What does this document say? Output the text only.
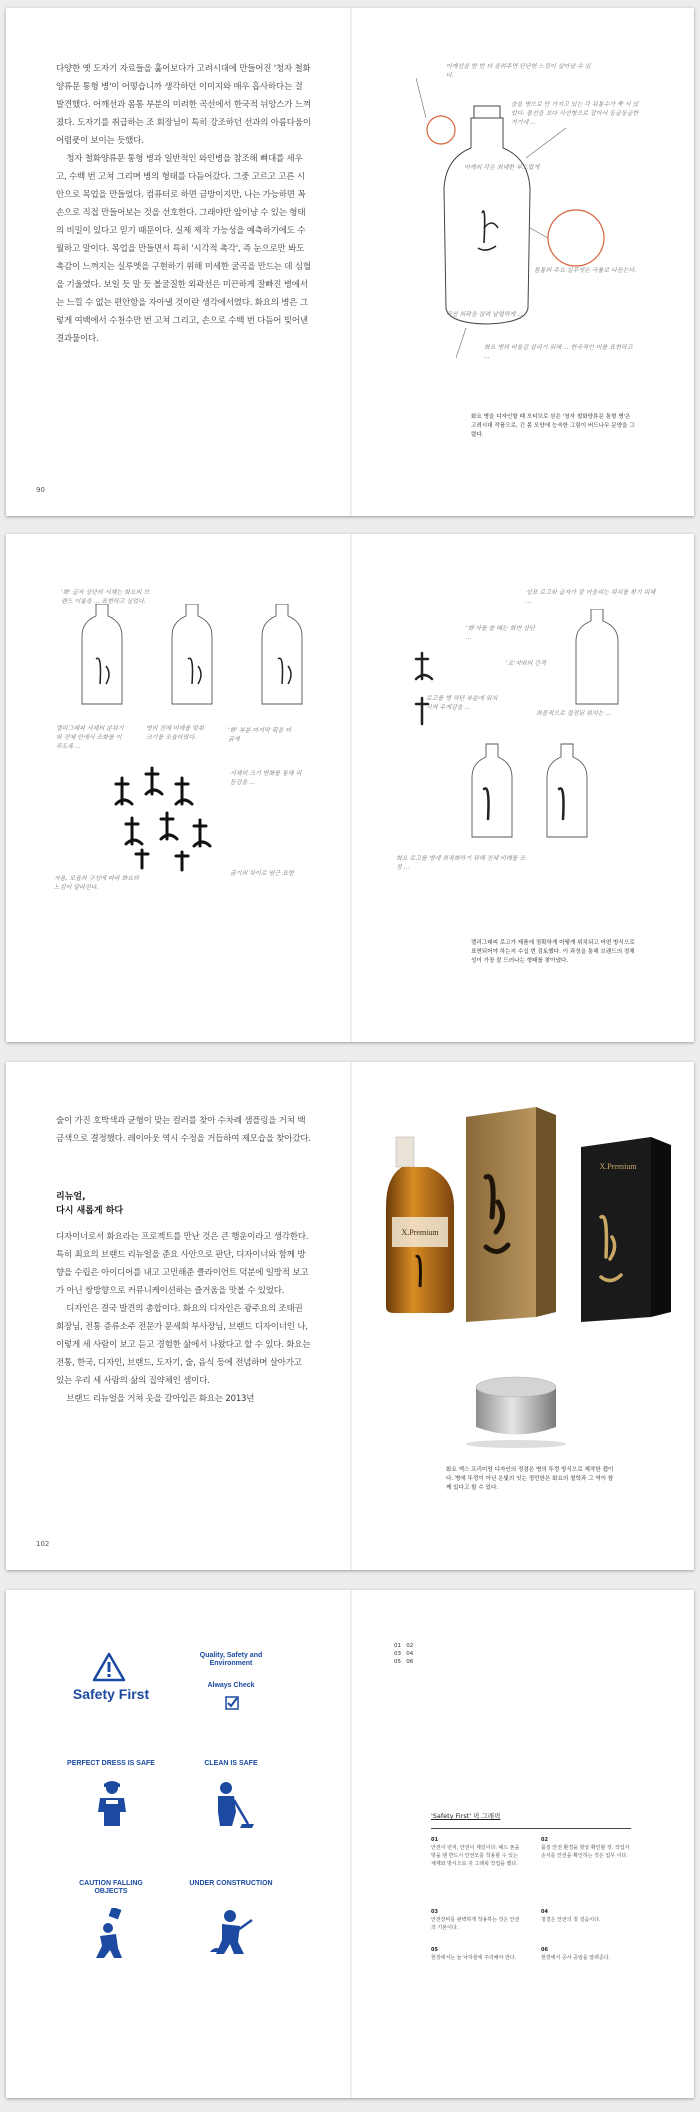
다양한 옛 도자기 자료들을 훑어보다가 고려시대에 만들어진 '청자 철화양류문 통형 병'이 어떻습니까 생각하던 이미지와 매우 흡사하다는 걸 발견했다. 어깨선과 몸통 부분의 미려한 곡선에서 한국적 뉘앙스가 느껴졌다. 도자기를 취급하는 조 회장님이 특히 강조하던 선과의 아름다움이 어렴풋이 보이는 듯했다.

청자 철화양류문 통형 병과 일반적인 와인병을 참조해 뼈대를 세우고, 수백 번 고쳐 그리며 병의 형태를 다듬어갔다. 그중 고르고 고른 시안으로 목업을 만들었다. 컴퓨터로 하면 금방이지만, 나는 가능하면 꼭 손으로 직접 만들어보는 것을 선호한다. 그래야만 앞이냥 수 있는 형태의 비밀이 있다고 믿기 때문이다. 실제 제작 가능성을 예측하기에도 수월하고 말이다. 목업을 만들면서 특히 '시각적 촉각', 즉 눈으로만 봐도 촉감이 느껴지는 실루엣을 구현하기 위해 미세한 굴곡을 만드는 데 심혈을 기울였다. 보일 듯 말 듯 볼굴질한 외곽선은 미끈하게 잘빠진 병에서는 느낄 수 없는 편안함을 자아낼 것이란 생각에서였다. 화요의 병은 그렇게 여백에서 수천수만 번 고쳐 그리고, 손으로 수백 번 다듬어 빚어낸 결과물이다.

90
어깨선을 한 번 더 올려주면 단단한 느낌이 살아날 수 있다.
술을 병으로 안 가지고 있는 각 뒤통수가 쭉 서 있었다. 몸선을 보다 사선형으로 잡아서 동글동글한 거기에 ...
어깨의 각은 최대한 부드럽게
몸통의 주요 실루엣은 곡률로 다듬는다.
곡선 외곽을 살려 날렵하게 ...
화요 병의 비율감 살리기 위해 ... 한국적인 미를 표현하고 ...
화요 병을 디자인할 때 모티브로 삼은 '청자 철화양류문 통형 병'은 고려시대 작품으로, 긴 몸 모양에 능숙한 그림이 버드나무 문양을 그렸다.
'화' 글자 상단의 서체는 화요의 브랜드 이름을 ... 표현하고 싶었다.
캘리그래피 서체의 분위기와 전체 안에서 조화를 이루도록 ...
병의 전체 비례를 맞춰 크기를 조율하였다.
'화' 부분 마지막 획을 더 굵게
서체의 크기 변화를 통해 리듬감을 ...
자음, 모음의 구성에 따라 화요의 느낌이 달라진다.
굵기의 차이로 원근 표현
상표 로고와 글자가 잘 어울리는 위치를 찾기 위해 ...
'화'자를 쓸 때는 화면 상단 ...
'요'자와의 간격
로고를 병 하단 부분에 위치시켜 무게감을 ...
최종적으로 결정된 위치는 ...
화요 로고를 병에 최적화하기 위해 전체 비례를 조정 ...
캘리그래피 로고가 제품에 정확하게 어떻게 위치되고 어떤 방식으로 표현되어야 하는지 수십 번 검토했다. 이 과정을 통해 브랜드의 정체성이 가장 잘 드러나는 형태를 찾아냈다.

술이 가진 호박색과 균형이 맞는 컬러를 찾아 수차례 샘플링을 거쳐 백금색으로 결정했다. 레이아웃 역시 수정을 거듭하여 제모습을 찾아갔다.

리뉴얼,
다시 새롭게 하다

디자이너로서 화요라는 프로젝트를 만난 것은 큰 행운이라고 생각한다. 특히 최요의 브랜드 리뉴얼을 준요 사안으로 판단, 디자이너와 함께 방향을 수립은 아이디어를 내고 고민해준 클라이언트 덕분에 일방적 보고가 아닌 쌍방향으로 커뮤니케이션하는 즐거움을 맛볼 수 있었다.

디자인은 결국 발견의 총합이다. 화요의 디자인은 광주요의 조태권 회장님, 전통 증류소주 전문가 문세희 부사장님, 브랜드 디자이너인 나, 이렇게 세 사람이 보고 듣고 경험한 삶에서 나왔다고 할 수 있다. 화요는 전통, 한국, 디자인, 브랜드, 도자기, 술, 음식 등에 전념하며 살아가고 있는 우리 세 사람의 삶의 집약체인 셈이다.

브랜드 리뉴얼을 거쳐 옷을 갈아입은 화요는 2013년

102
X.Premium
X.Premium
화요 엑스 프리미엄 디자인의 정점은 병의 뚜껑 방식으로 제작한 캡이다. 병에 뚜껑이 아닌 은빛의 잇는 정민한은 화요의 철학과 그 역이 함께 있다고 할 수 있다.
Safety First
Quality, Safety and Environment
Always Check
PERFECT DRESS IS SAFE	CLEAN IS SAFE
CAUTION FALLING OBJECTS
UNDER CONSTRUCTION
01 02
03 04
05 06
'Safety First' 픽 그래픽
01
안전이 먼저, 안전이 제일이다. 헤드 폰을 벗을 땐 반드시 안전모를 착용할 수 있는 체계와 방식으로 귀 그래픽 작업을 했다.
02
품질 안전 환경을 항상 확인할 것. 작업자 손서를 안전을 확인하는 것은 업무 이다.
03
안전장비를 완벽하게 착용하는 것은 안전의 기본이다.
04
청결은 안전의 첫 걸음이다.
05
현장에서는 늘 낙하물에 주의해야 한다.
06
현장에서 공사 중임을 알려준다.
